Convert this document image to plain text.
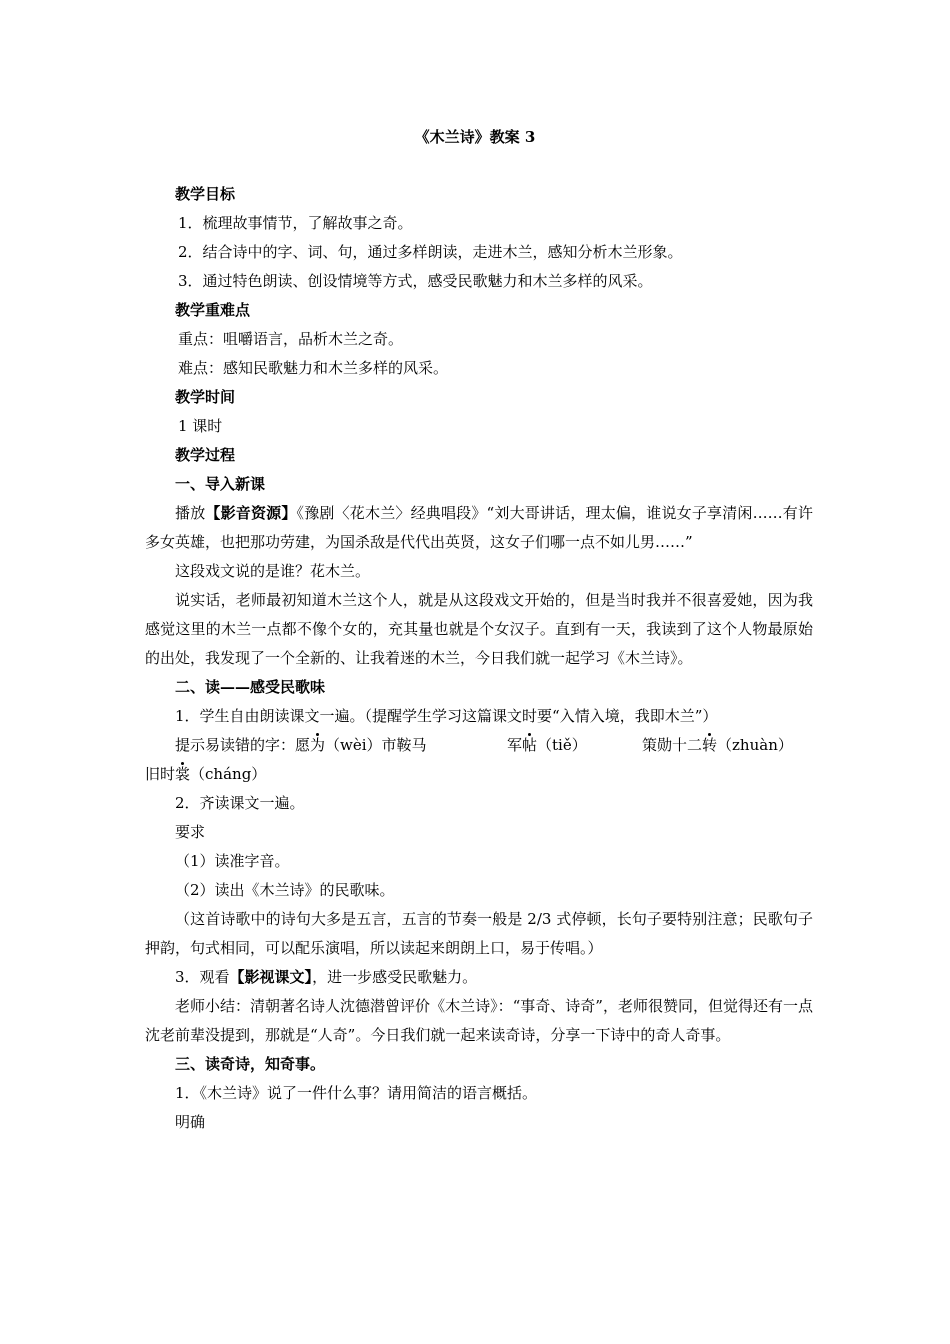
《木兰诗》教案 3
教学目标
1．梳理故事情节，了解故事之奇。
2．结合诗中的字、词、句，通过多样朗读，走进木兰，感知分析木兰形象。
3．通过特色朗读、创设情境等方式，感受民歌魅力和木兰多样的风采。
教学重难点
重点：咀嚼语言，品析木兰之奇。
难点：感知民歌魅力和木兰多样的风采。
教学时间
1 课时
教学过程
一、导入新课
播放【影音资源】《豫剧〈花木兰〉经典唱段》“刘大哥讲话，理太偏，谁说女子享清闲……有许多女英雄，也把那功劳建，为国杀敌是代代出英贤，这女子们哪一点不如儿男……”
这段戏文说的是谁？花木兰。
说实话，老师最初知道木兰这个人，就是从这段戏文开始的，但是当时我并不很喜爱她，因为我感觉这里的木兰一点都不像个女的，充其量也就是个女汉子。直到有一天，我读到了这个人物最原始的出处，我发现了一个全新的、让我着迷的木兰，今日我们就一起学习《木兰诗》。
二、读——感受民歌味
1．学生自由朗读课文一遍。（提醒学生学习这篇课文时要“入情入境，我即木兰”）
提示易读错的字：愿为（wèi）市鞍马	军帖（tiě）	策勋十二转（zhuàn）
旧时裳（cháng）
2．齐读课文一遍。
要求
（1）读准字音。
（2）读出《木兰诗》的民歌味。
（这首诗歌中的诗句大多是五言，五言的节奏一般是 2/3 式停顿，长句子要特别注意；民歌句子押韵，句式相同，可以配乐演唱，所以读起来朗朗上口，易于传唱。）
3．观看【影视课文】，进一步感受民歌魅力。
老师小结：清朝著名诗人沈德潜曾评价《木兰诗》：“事奇、诗奇”，老师很赞同，但觉得还有一点沈老前辈没提到，那就是“人奇”。今日我们就一起来读奇诗，分享一下诗中的奇人奇事。
三、读奇诗，知奇事。
1．《木兰诗》说了一件什么事？请用简洁的语言概括。
明确
